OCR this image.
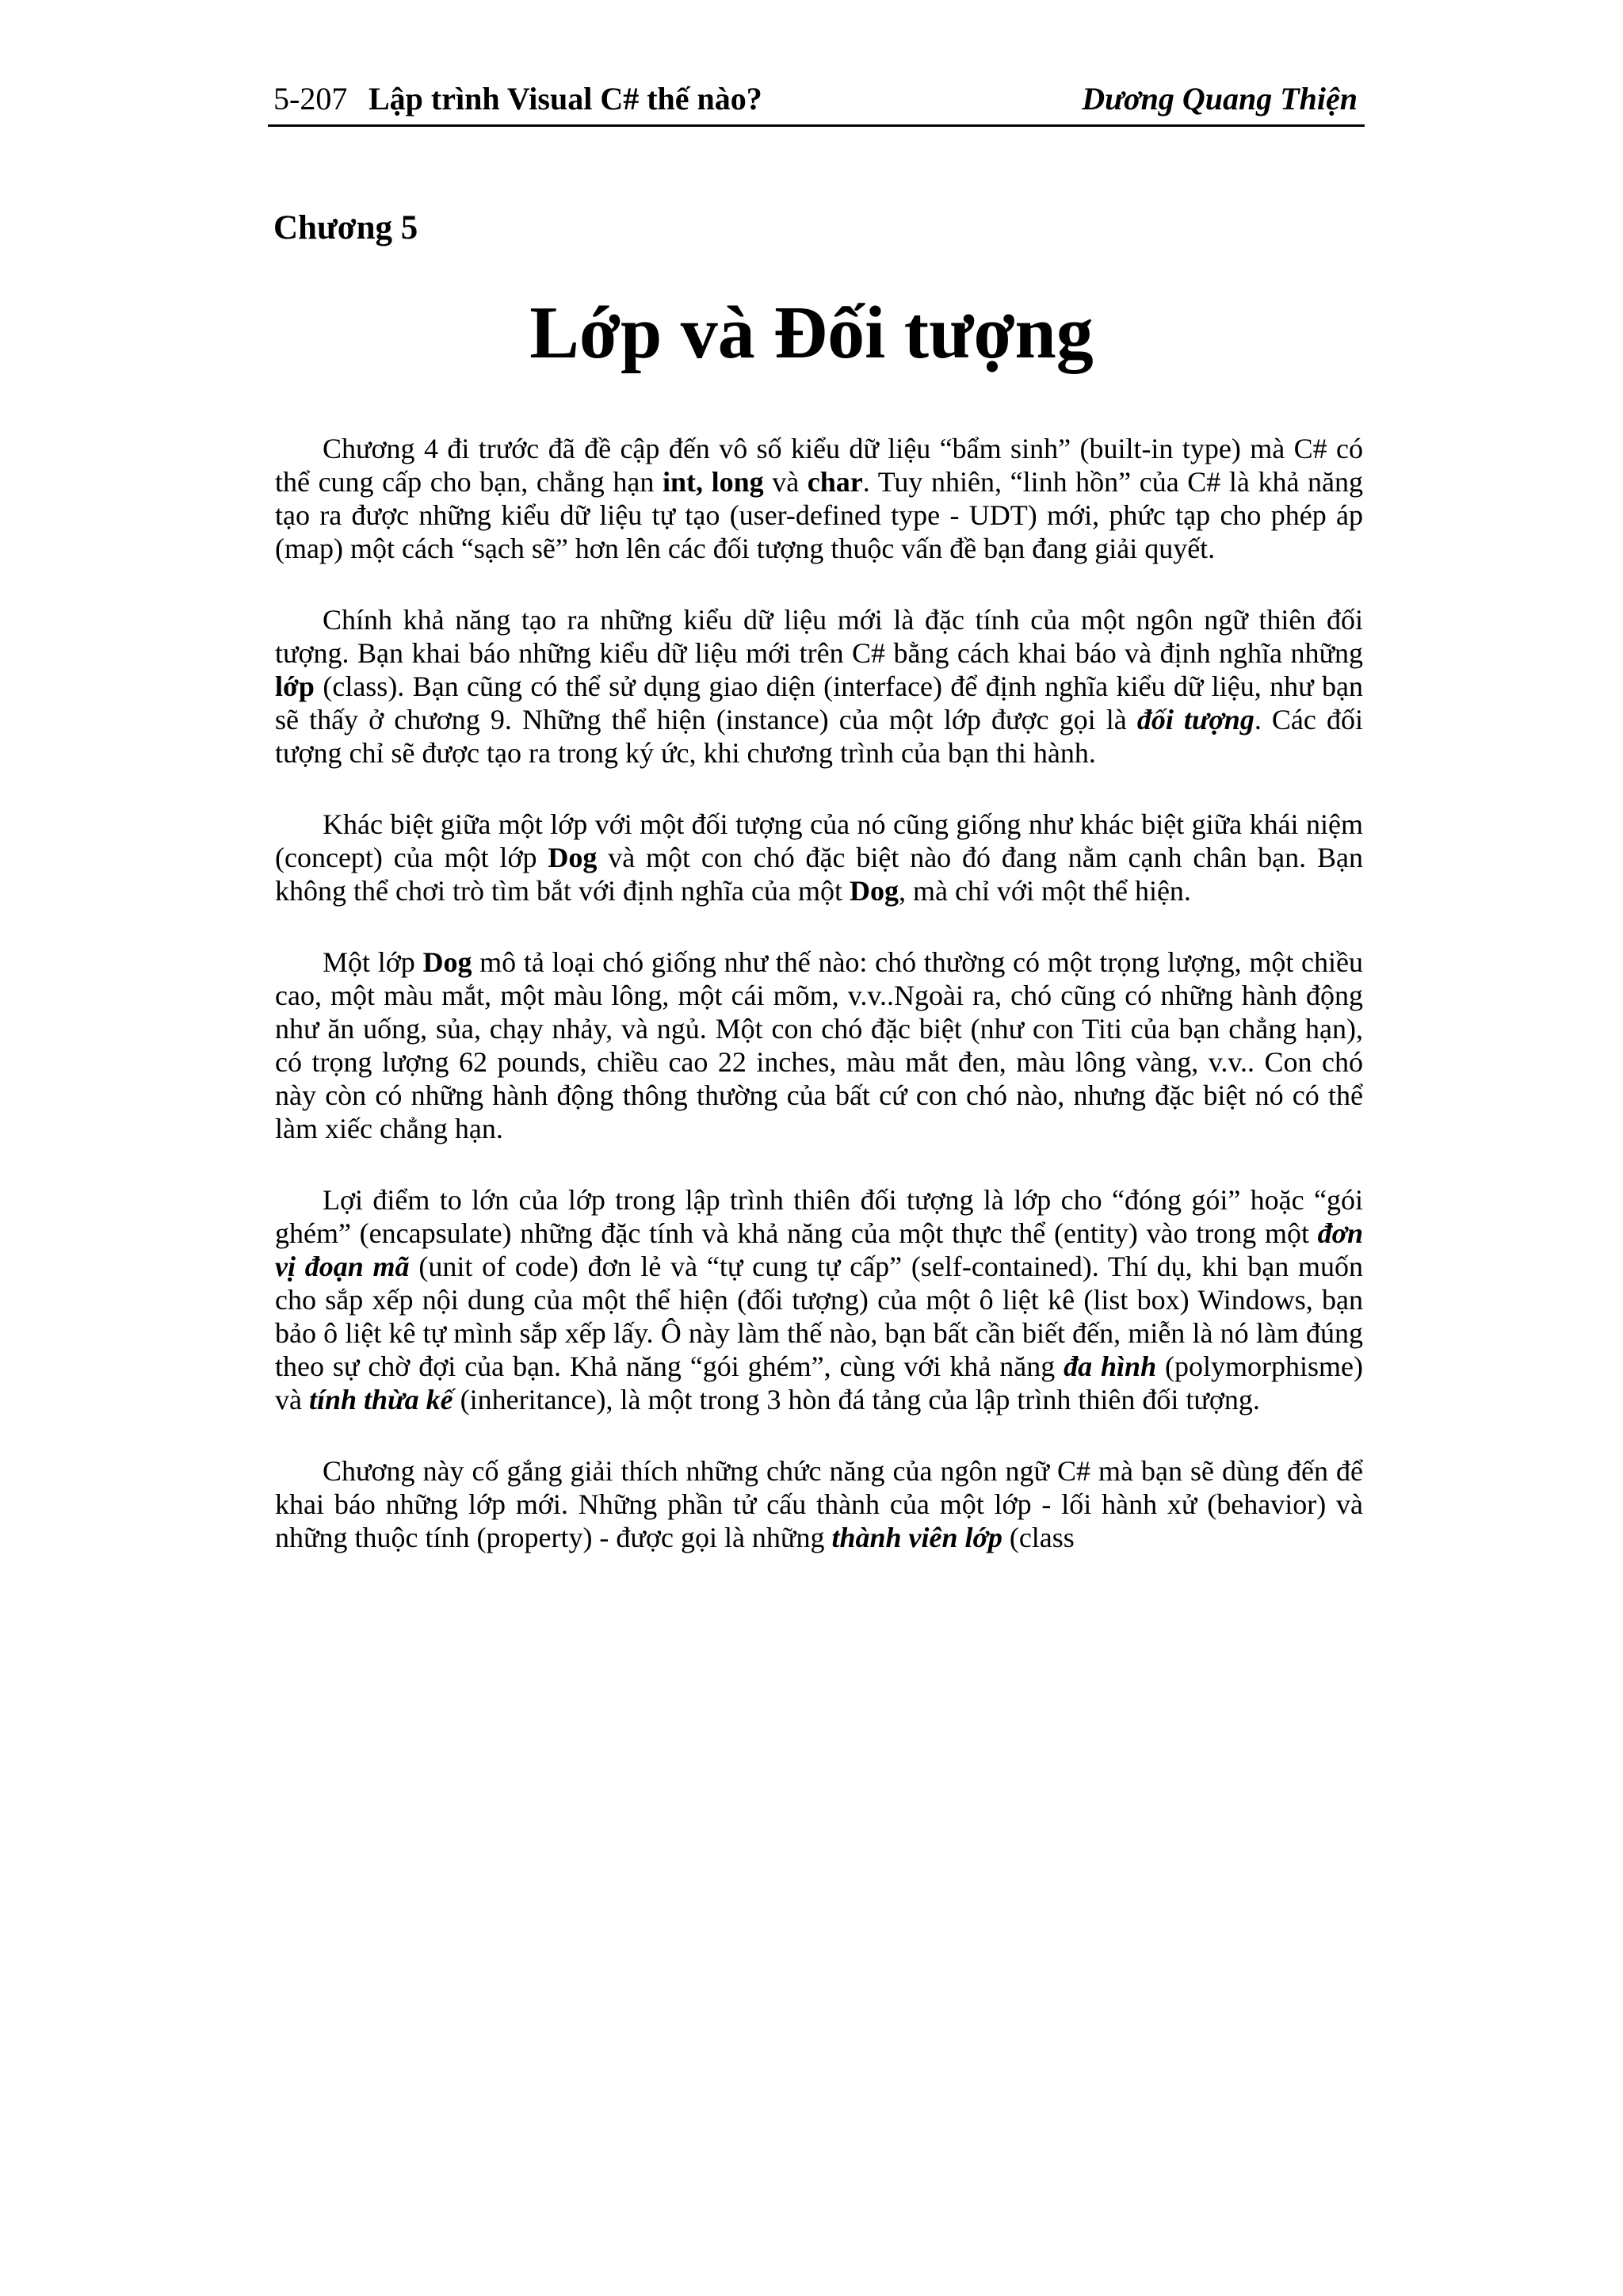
5-207 Lập trình Visual C# thế nào?	Dương Quang Thiện
Chương 5
Lớp và Đối tượng

Chương 4 đi trước đã đề cập đến vô số kiểu dữ liệu “bẩm sinh” (built-in type) mà C# có thể cung cấp cho bạn, chẳng hạn int, long và char. Tuy nhiên, “linh hồn” của C# là khả năng tạo ra được những kiểu dữ liệu tự tạo (user-defined type - UDT) mới, phức tạp cho phép áp (map) một cách “sạch sẽ” hơn lên các đối tượng thuộc vấn đề bạn đang giải quyết.

Chính khả năng tạo ra những kiểu dữ liệu mới là đặc tính của một ngôn ngữ thiên đối tượng. Bạn khai báo những kiểu dữ liệu mới trên C# bằng cách khai báo và định nghĩa những lớp (class). Bạn cũng có thể sử dụng giao diện (interface) để định nghĩa kiểu dữ liệu, như bạn sẽ thấy ở chương 9. Những thể hiện (instance) của một lớp được gọi là đối tượng. Các đối tượng chỉ sẽ được tạo ra trong ký ức, khi chương trình của bạn thi hành.

Khác biệt giữa một lớp với một đối tượng của nó cũng giống như khác biệt giữa khái niệm (concept) của một lớp Dog và một con chó đặc biệt nào đó đang nằm cạnh chân bạn. Bạn không thể chơi trò tìm bắt với định nghĩa của một Dog, mà chỉ với một thể hiện.

Một lớp Dog mô tả loại chó giống như thế nào: chó thường có một trọng lượng, một chiều cao, một màu mắt, một màu lông, một cái mõm, v.v..Ngoài ra, chó cũng có những hành động như ăn uống, sủa, chạy nhảy, và ngủ. Một con chó đặc biệt (như con Titi của bạn chẳng hạn), có trọng lượng 62 pounds, chiều cao 22 inches, màu mắt đen, màu lông vàng, v.v.. Con chó này còn có những hành động thông thường của bất cứ con chó nào, nhưng đặc biệt nó có thể làm xiếc chẳng hạn.

Lợi điểm to lớn của lớp trong lập trình thiên đối tượng là lớp cho “đóng gói” hoặc “gói ghém” (encapsulate) những đặc tính và khả năng của một thực thể (entity) vào trong một đơn vị đoạn mã (unit of code) đơn lẻ và “tự cung tự cấp” (self-contained). Thí dụ, khi bạn muốn cho sắp xếp nội dung của một thể hiện (đối tượng) của một ô liệt kê (list box) Windows, bạn bảo ô liệt kê tự mình sắp xếp lấy. Ô này làm thế nào, bạn bất cần biết đến, miễn là nó làm đúng theo sự chờ đợi của bạn. Khả năng “gói ghém”, cùng với khả năng đa hình (polymorphisme) và tính thừa kế (inheritance), là một trong 3 hòn đá tảng của lập trình thiên đối tượng.

Chương này cố gắng giải thích những chức năng của ngôn ngữ C# mà bạn sẽ dùng đến để khai báo những lớp mới. Những phần tử cấu thành của một lớp - lối hành xử (behavior) và những thuộc tính (property) - được gọi là những thành viên lớp (class
